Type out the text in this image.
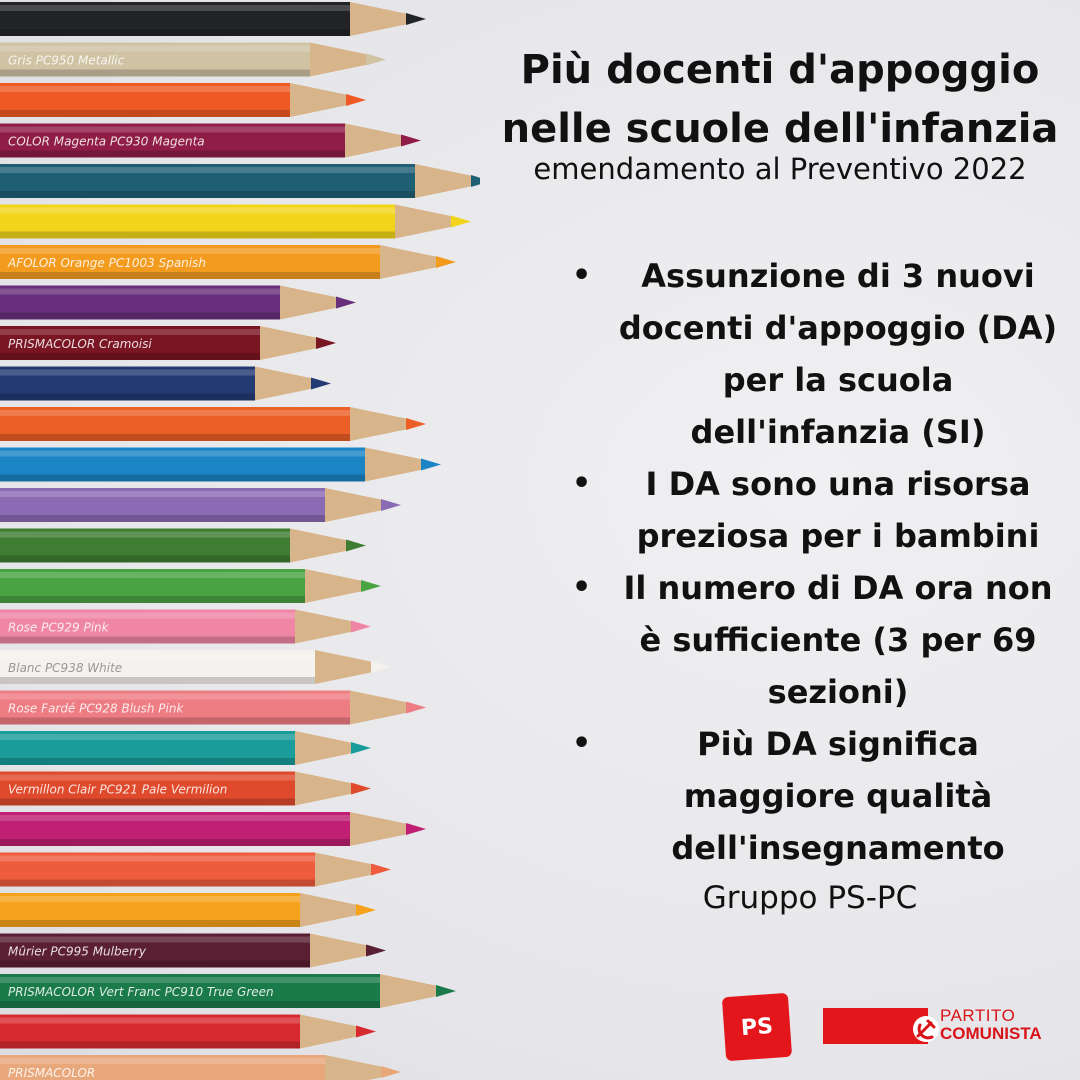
Gris PC950 Metallic
COLOR Magenta PC930 Magenta
AFOLOR Orange PC1003 Spanish
PRISMACOLOR Cramoisi
Rose PC929 Pink
Blanc PC938 White
Rose Fardé PC928 Blush Pink
Vermillon Clair PC921 Pale Vermilion
Mûrier PC995 Mulberry
PRISMACOLOR Vert Franc PC910 True Green
PRISMACOLOR
Più docenti d'appoggio
nelle scuole dell'infanzia
emendamento al Preventivo 2022
• Assunzione di 3 nuovi docenti d'appoggio (DA) per la scuola dell'infanzia (SI)
• I DA sono una risorsa preziosa per i bambini
• Il numero di DA ora non è sufficiente (3 per 69 sezioni)
•	Più DA significa maggiore qualità dell'insegnamento
Gruppo PS-PC
PS	PARTITO
COMUNISTA
